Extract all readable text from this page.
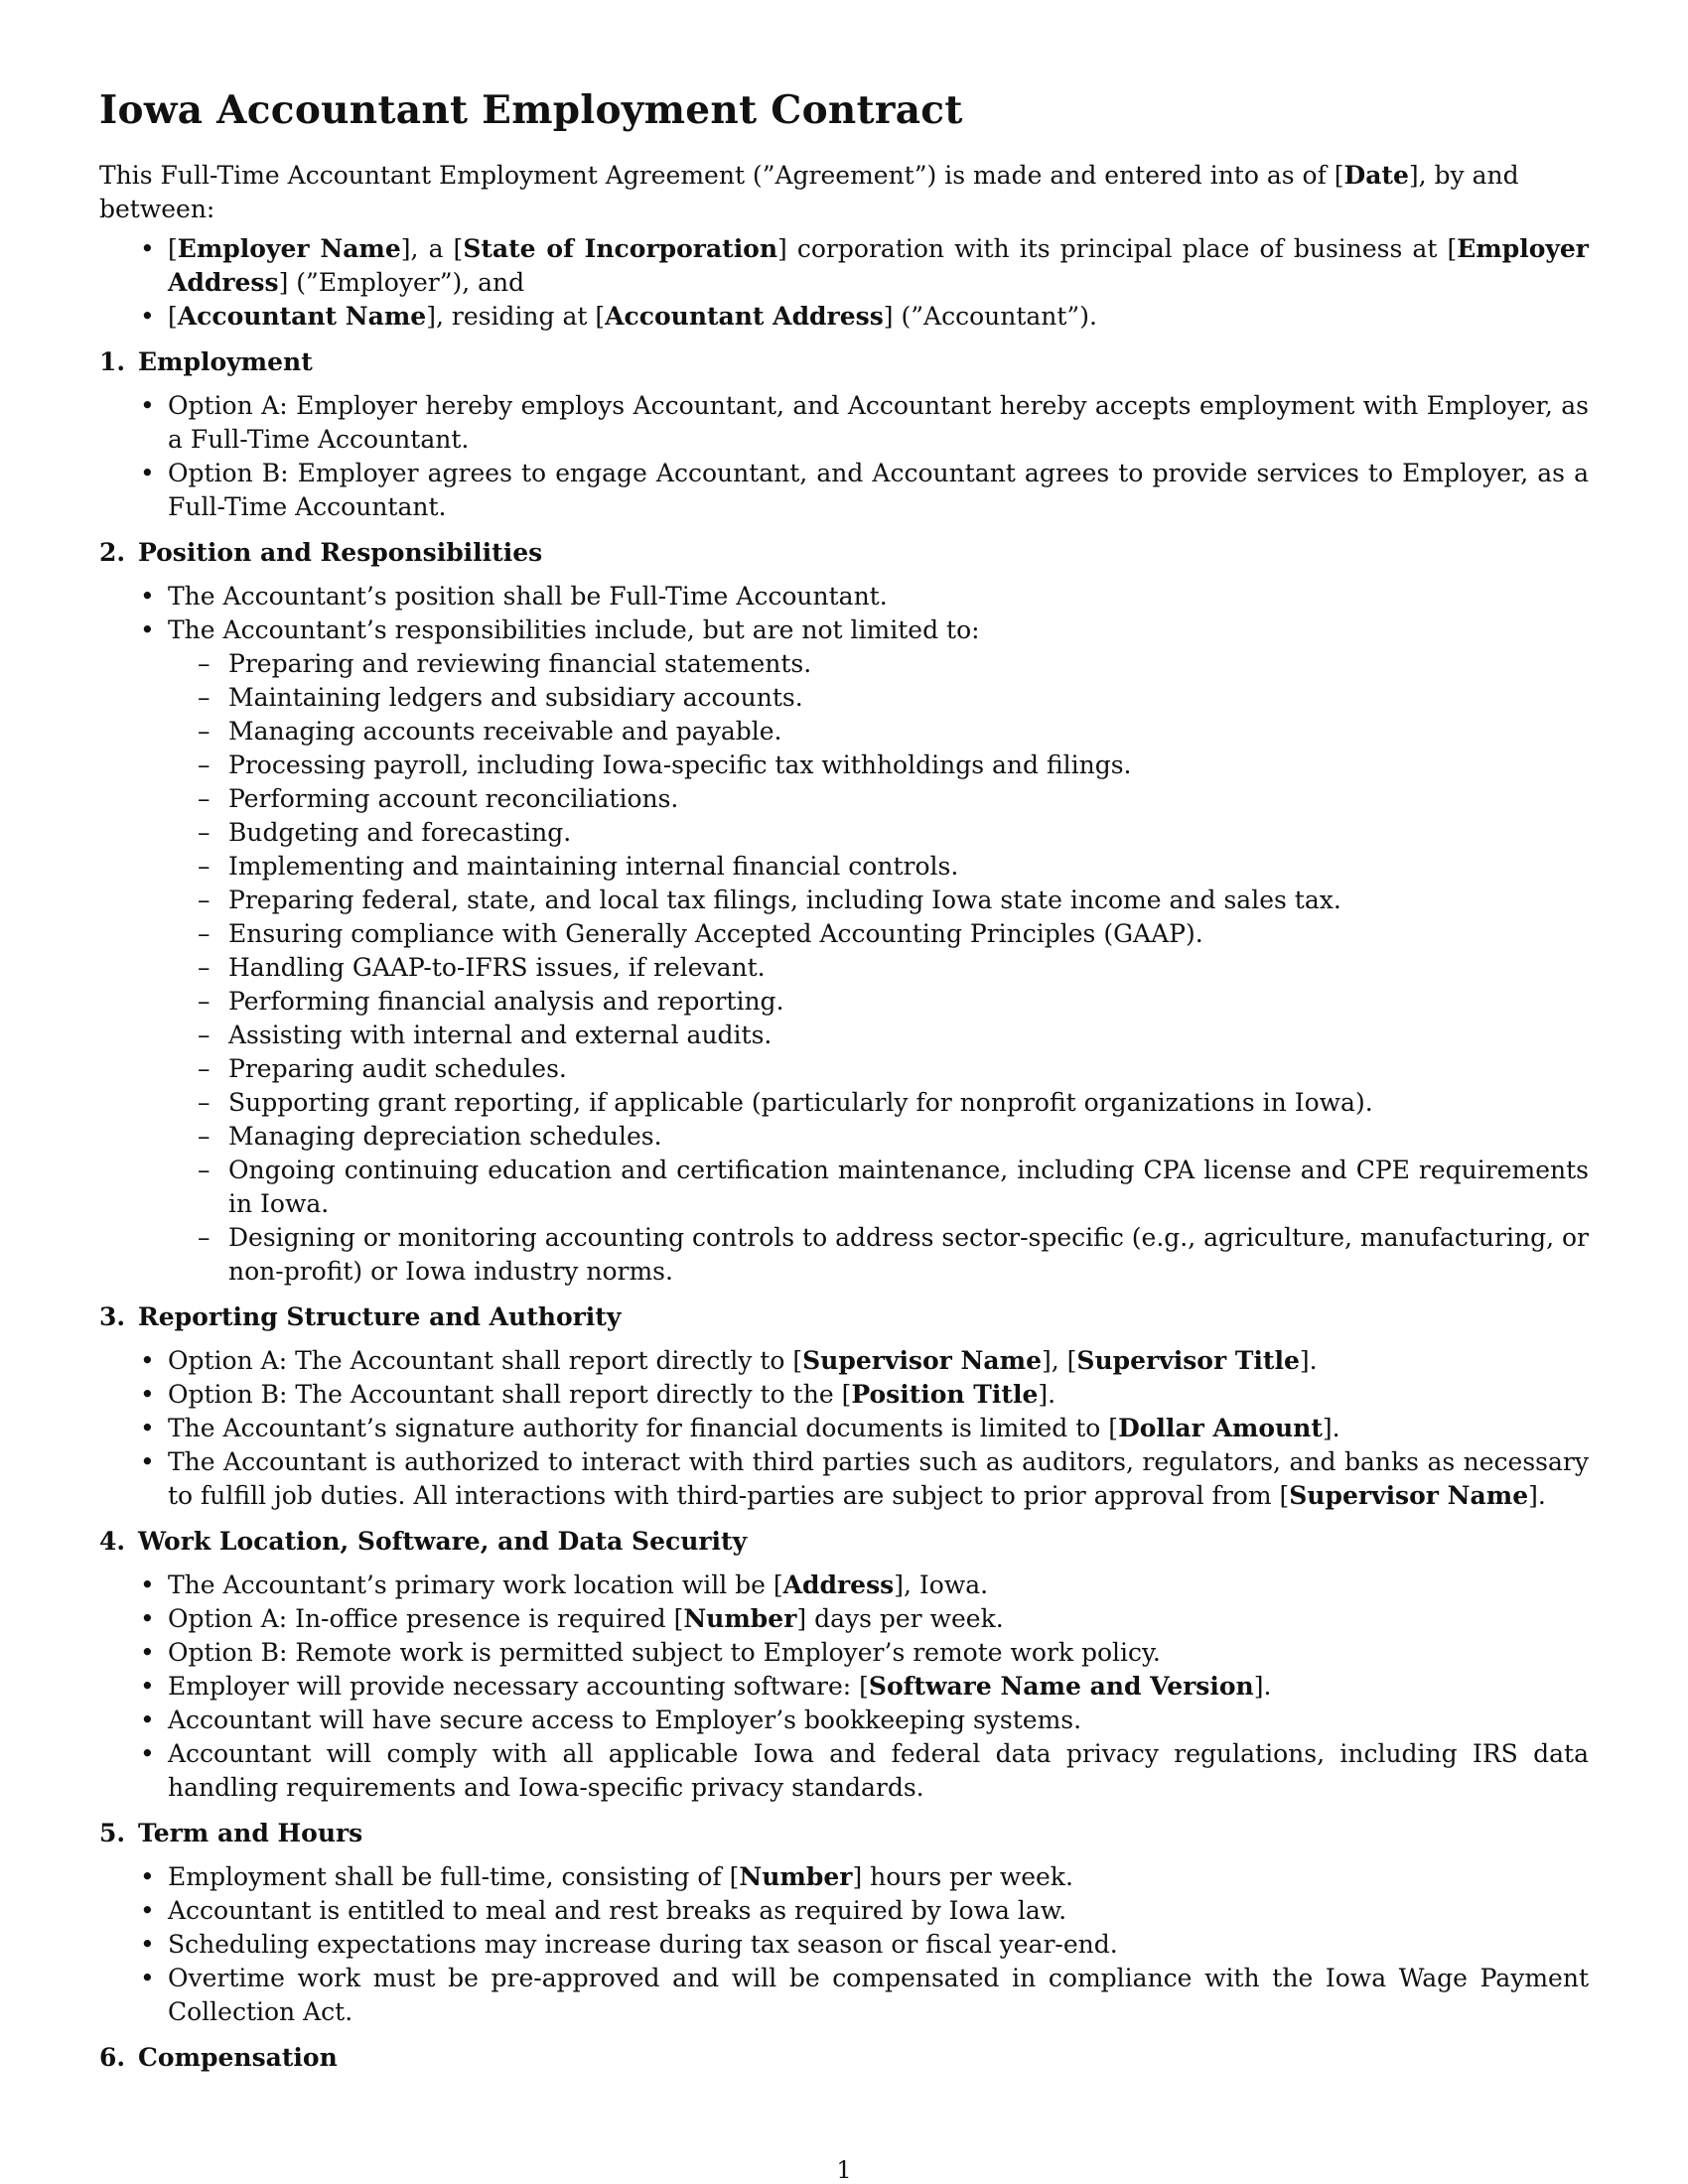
Iowa Accountant Employment Contract

This Full-Time Accountant Employment Agreement (”Agreement”) is made and entered into as of [Date], by and between:

• [Employer Name], a [State of Incorporation] corporation with its principal place of business at [Employer Address] (”Employer”), and
• [Accountant Name], residing at [Accountant Address] (”Accountant”).
1. Employment
• Option A: Employer hereby employs Accountant, and Accountant hereby accepts employment with Employer, as a Full-Time Accountant.
• Option B: Employer agrees to engage Accountant, and Accountant agrees to provide services to Employer, as a Full-Time Accountant.
2. Position and Responsibilities
• The Accountant’s position shall be Full-Time Accountant.
• The Accountant’s responsibilities include, but are not limited to:
– Preparing and reviewing financial statements.
– Maintaining ledgers and subsidiary accounts.
– Managing accounts receivable and payable.
– Processing payroll, including Iowa-specific tax withholdings and filings.
– Performing account reconciliations.
– Budgeting and forecasting.
– Implementing and maintaining internal financial controls.
– Preparing federal, state, and local tax filings, including Iowa state income and sales tax.
– Ensuring compliance with Generally Accepted Accounting Principles (GAAP).
– Handling GAAP-to-IFRS issues, if relevant.
– Performing financial analysis and reporting.
– Assisting with internal and external audits.
– Preparing audit schedules.
– Supporting grant reporting, if applicable (particularly for nonprofit organizations in Iowa).
– Managing depreciation schedules.
– Ongoing continuing education and certification maintenance, including CPA license and CPE requirements in Iowa.
– Designing or monitoring accounting controls to address sector-specific (e.g., agriculture, manufacturing, or non-profit) or Iowa industry norms.
3. Reporting Structure and Authority
• Option A: The Accountant shall report directly to [Supervisor Name], [Supervisor Title].
• Option B: The Accountant shall report directly to the [Position Title].
• The Accountant’s signature authority for financial documents is limited to [Dollar Amount].
• The Accountant is authorized to interact with third parties such as auditors, regulators, and banks as necessary to fulfill job duties. All interactions with third-parties are subject to prior approval from [Supervisor Name].
4. Work Location, Software, and Data Security
• The Accountant’s primary work location will be [Address], Iowa.
• Option A: In-office presence is required [Number] days per week.
• Option B: Remote work is permitted subject to Employer’s remote work policy.
• Employer will provide necessary accounting software: [Software Name and Version].
• Accountant will have secure access to Employer’s bookkeeping systems.
• Accountant will comply with all applicable Iowa and federal data privacy regulations, including IRS data handling requirements and Iowa-specific privacy standards.
5. Term and Hours
• Employment shall be full-time, consisting of [Number] hours per week.
• Accountant is entitled to meal and rest breaks as required by Iowa law.
• Scheduling expectations may increase during tax season or fiscal year-end.
• Overtime work must be pre-approved and will be compensated in compliance with the Iowa Wage Payment Collection Act.
6. Compensation
1
